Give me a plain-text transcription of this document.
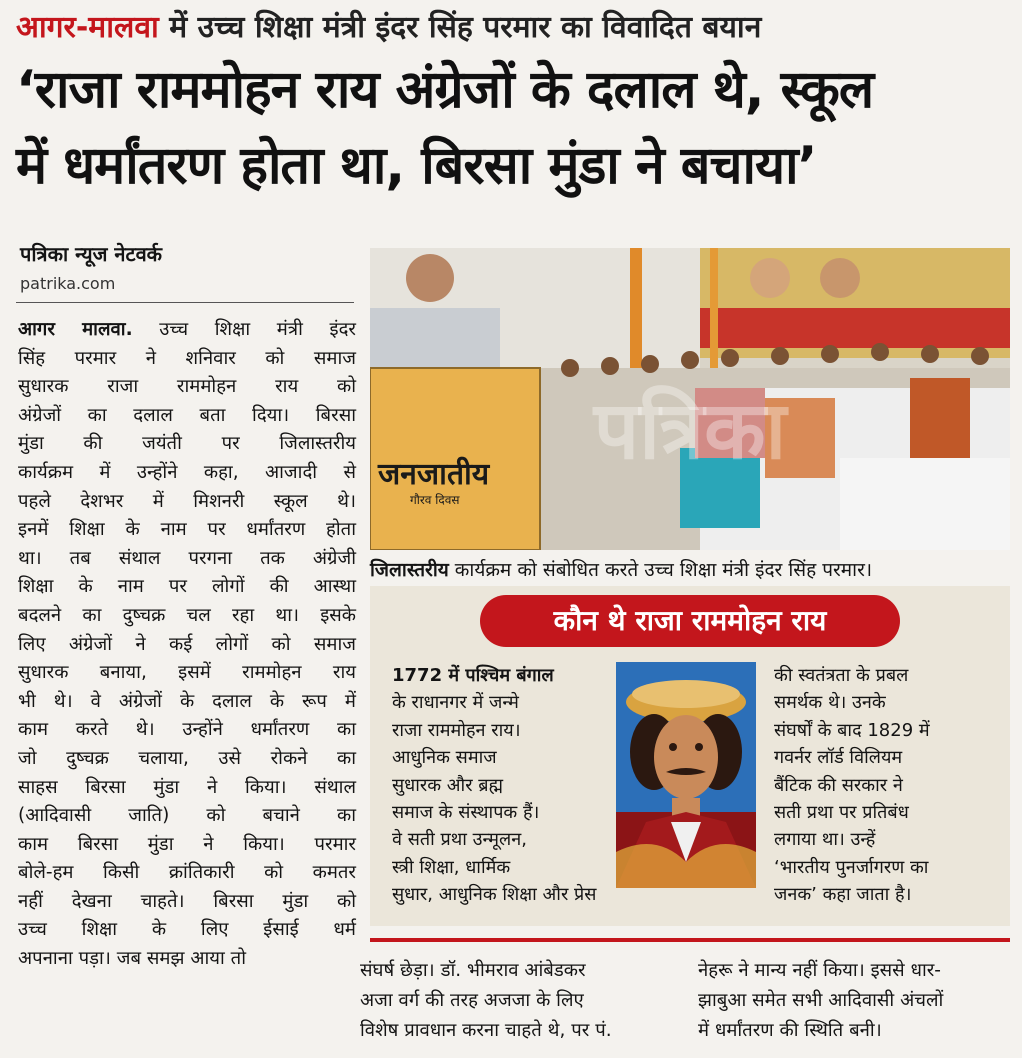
आगर-मालवा में उच्च शिक्षा मंत्री इंदर सिंह परमार का विवादित बयान
‘राजा राममोहन राय अंग्रेजों के दलाल थे, स्कूल
में धर्मांतरण होता था, बिरसा मुंडा ने बचाया’
पत्रिका न्यूज नेटवर्क
patrika.com
आगर मालवा. उच्च शिक्षा मंत्री इंदर
सिंह परमार ने शनिवार को समाज
सुधारक राजा राममोहन राय को
अंग्रेजों का दलाल बता दिया। बिरसा
मुंडा की जयंती पर जिलास्तरीय
कार्यक्रम में उन्होंने कहा, आजादी से
पहले देशभर में मिशनरी स्कूल थे।
इनमें शिक्षा के नाम पर धर्मांतरण होता
था। तब संथाल परगना तक अंग्रेजी
शिक्षा के नाम पर लोगों की आस्था
बदलने का दुष्चक्र चल रहा था। इसके
लिए अंग्रेजों ने कई लोगों को समाज
सुधारक बनाया, इसमें राममोहन राय
भी थे। वे अंग्रेजों के दलाल के रूप में
काम करते थे। उन्होंने धर्मांतरण का
जो दुष्चक्र चलाया, उसे रोकने का
साहस बिरसा मुंडा ने किया। संथाल
(आदिवासी जाति) को बचाने का
काम बिरसा मुंडा ने किया। परमार
बोले-हम किसी क्रांतिकारी को कमतर
नहीं देखना चाहते। बिरसा मुंडा को
उच्च शिक्षा के लिए ईसाई धर्म
अपनाना पड़ा। जब समझ आया तो
जनजातीय
गौरव दिवस
पत्रिका
जिलास्तरीय कार्यक्रम को संबोधित करते उच्च शिक्षा मंत्री इंदर सिंह परमार।
कौन थे राजा राममोहन राय
1772 में पश्चिम बंगाल
के राधानगर में जन्मे
राजा राममोहन राय।
आधुनिक समाज
सुधारक और ब्रह्म
समाज के संस्थापक हैं।
वे सती प्रथा उन्मूलन,
स्त्री शिक्षा, धार्मिक
सुधार, आधुनिक शिक्षा और प्रेस
की स्वतंत्रता के प्रबल
समर्थक थे। उनके
संघर्षों के बाद 1829 में
गवर्नर लॉर्ड विलियम
बैंटिक की सरकार ने
सती प्रथा पर प्रतिबंध
लगाया था। उन्हें
‘भारतीय पुनर्जागरण का
जनक’ कहा जाता है।
संघर्ष छेड़ा। डॉ. भीमराव आंबेडकर
अजा वर्ग की तरह अजजा के लिए
विशेष प्रावधान करना चाहते थे, पर पं.
नेहरू ने मान्य नहीं किया। इससे धार-
झाबुआ समेत सभी आदिवासी अंचलों
में धर्मांतरण की स्थिति बनी।
